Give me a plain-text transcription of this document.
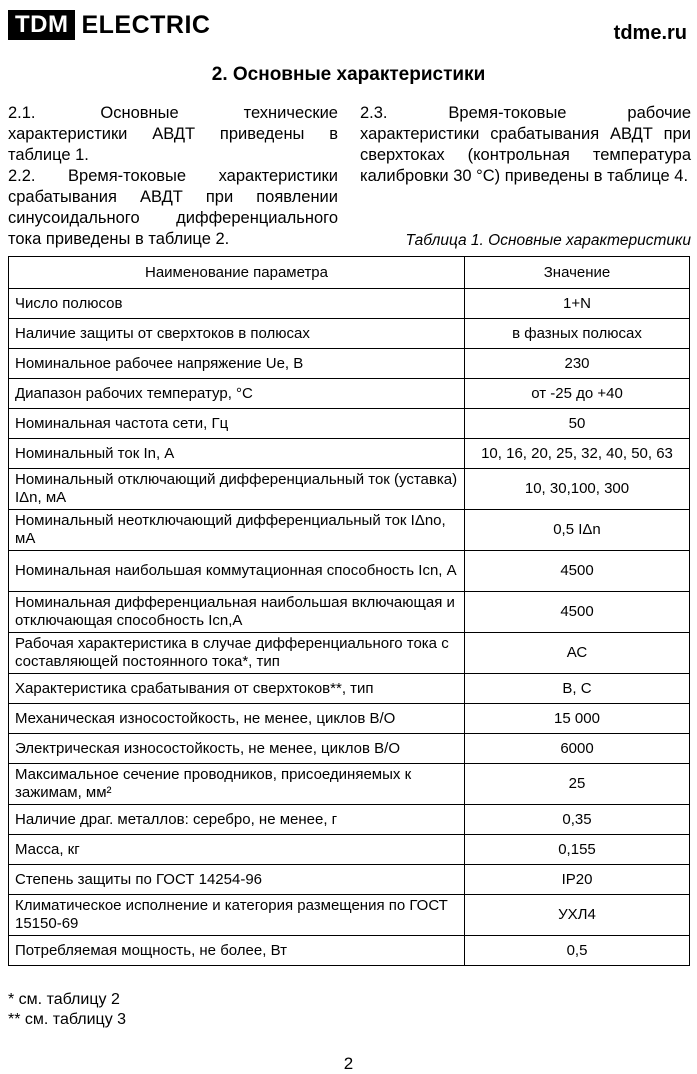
TDM ELECTRIC	tdme.ru
2. Основные характеристики

2.1. Основные технические характеристики АВДТ приведены в таблице 1.

2.2. Время-токовые характеристики срабатывания АВДТ при появлении синусоидального дифференциального тока приведены в таблице 2.

2.3. Время-токовые рабочие характеристики срабатывания АВДТ при сверхтоках (контрольная температура калибровки 30 °С) приведены в таблице 4.

Таблица 1. Основные характеристики
Наименование параметра	Значение
Число полюсов	1+N
Наличие защиты от сверхтоков в полюсах	в фазных полюсах
Номинальное рабочее напряжение Ue, В	230
Диапазон рабочих температур, °С	от -25 до +40
Номинальная частота сети, Гц	50
Номинальный ток In, А	10, 16, 20, 25, 32, 40, 50, 63
Номинальный отключающий дифференциальный ток (уставка) IΔn, мА	10, 30,100, 300
Номинальный неотключающий дифференциальный ток IΔno, мА	0,5 IΔn
Номинальная наибольшая коммутационная способность Icn, А	4500
Номинальная дифференциальная наибольшая включающая и отключающая способность Icn,А	4500
Рабочая характеристика в случае дифференциального тока с составляющей постоянного тока*, тип	АС
Характеристика срабатывания от сверхтоков**, тип	В, С
Механическая износостойкость, не менее, циклов В/О	15 000
Электрическая износостойкость, не менее, циклов В/О	6000
Максимальное сечение проводников, присоединяемых к зажимам, мм²	25
Наличие драг. металлов: серебро, не менее, г	0,35
Масса, кг	0,155
Степень защиты по ГОСТ 14254-96	IP20
Климатическое исполнение и категория размещения по ГОСТ 15150-69	УХЛ4
Потребляемая мощность, не более, Вт	0,5
* см. таблицу 2
** см. таблицу 3
2
